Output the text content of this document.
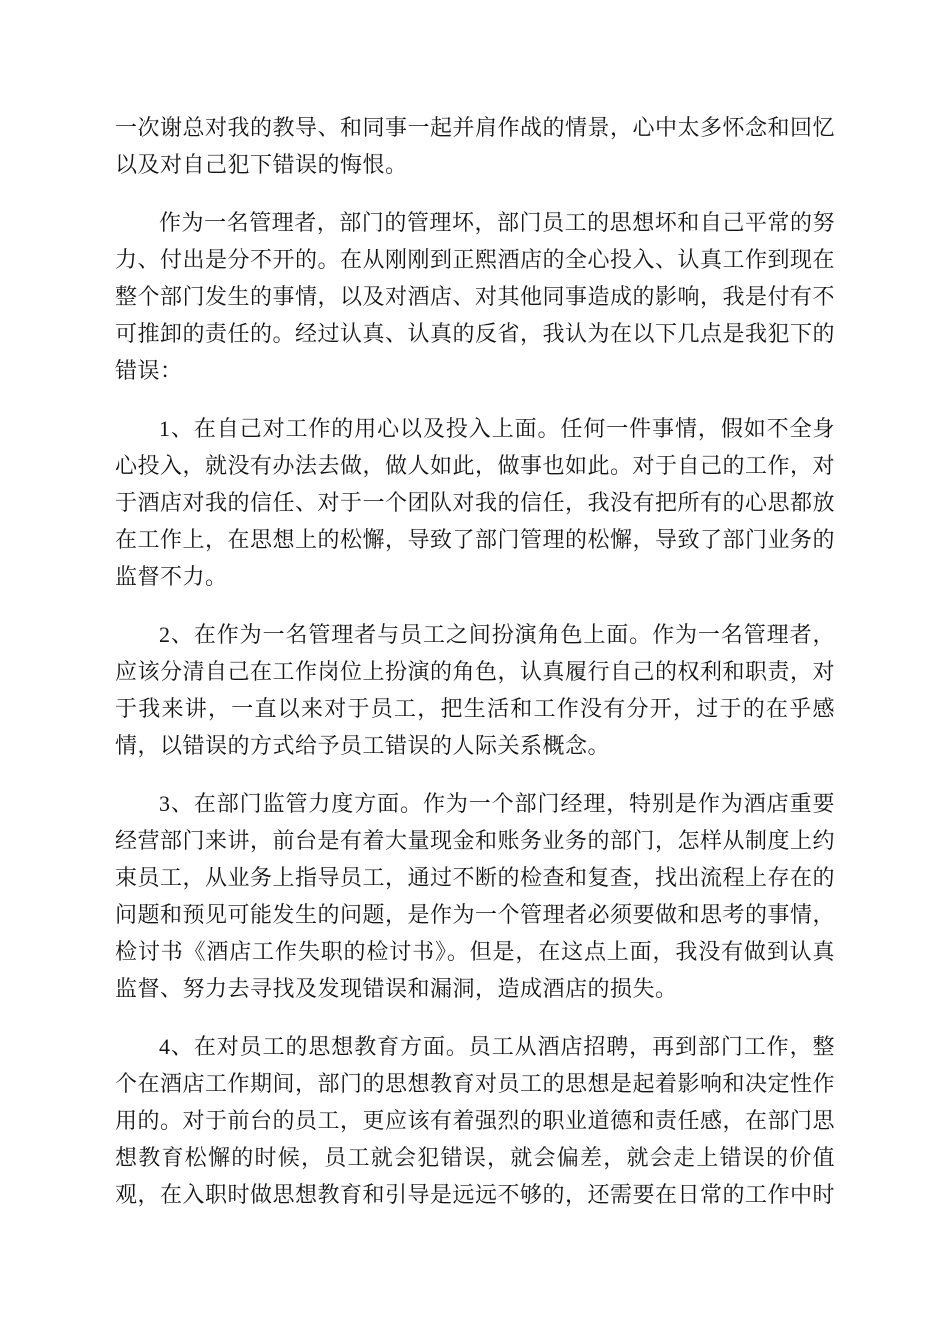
一次谢总对我的教导、和同事一起并肩作战的情景，心中太多怀念和回忆以及对自己犯下错误的悔恨。

作为一名管理者，部门的管理坏，部门员工的思想坏和自己平常的努力、付出是分不开的。在从刚刚到正熙酒店的全心投入、认真工作到现在整个部门发生的事情，以及对酒店、对其他同事造成的影响，我是付有不可推卸的责任的。经过认真、认真的反省，我认为在以下几点是我犯下的错误：

1、在自己对工作的用心以及投入上面。任何一件事情，假如不全身心投入，就没有办法去做，做人如此，做事也如此。对于自己的工作，对于酒店对我的信任、对于一个团队对我的信任，我没有把所有的心思都放在工作上，在思想上的松懈，导致了部门管理的松懈，导致了部门业务的监督不力。

2、在作为一名管理者与员工之间扮演角色上面。作为一名管理者，应该分清自己在工作岗位上扮演的角色，认真履行自己的权利和职责，对于我来讲，一直以来对于员工，把生活和工作没有分开，过于的在乎感情，以错误的方式给予员工错误的人际关系概念。

3、在部门监管力度方面。作为一个部门经理，特别是作为酒店重要经营部门来讲，前台是有着大量现金和账务业务的部门，怎样从制度上约束员工，从业务上指导员工，通过不断的检查和复查，找出流程上存在的问题和预见可能发生的问题，是作为一个管理者必须要做和思考的事情，检讨书《酒店工作失职的检讨书》。但是，在这点上面，我没有做到认真监督、努力去寻找及发现错误和漏洞，造成酒店的损失。

4、在对员工的思想教育方面。员工从酒店招聘，再到部门工作，整个在酒店工作期间，部门的思想教育对员工的思想是起着影响和决定性作用的。对于前台的员工，更应该有着强烈的职业道德和责任感，在部门思想教育松懈的时候，员工就会犯错误，就会偏差，就会走上错误的价值观，在入职时做思想教育和引导是远远不够的，还需要在日常的工作中时
